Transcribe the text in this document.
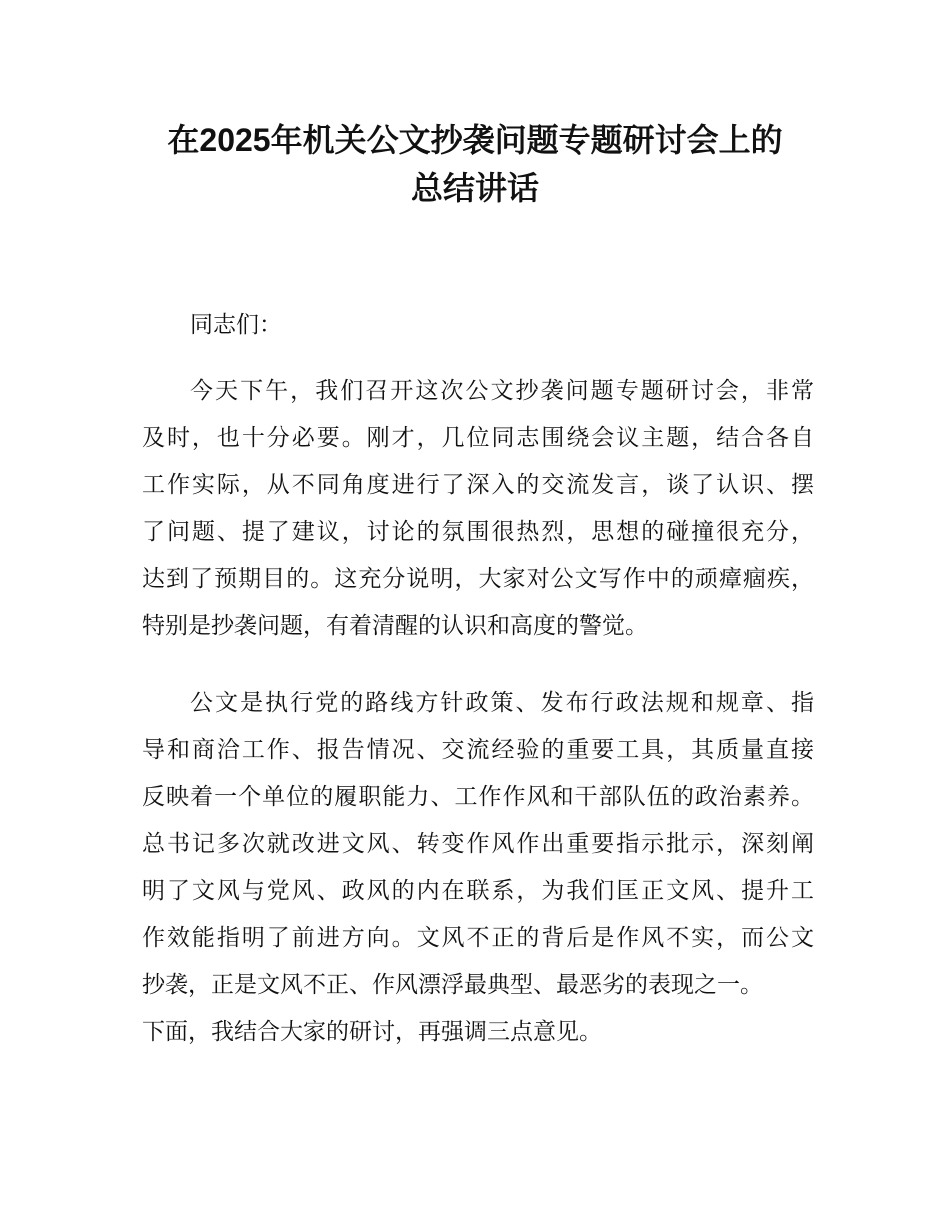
在2025年机关公文抄袭问题专题研讨会上的
总结讲话
同志们：
今天下午，我们召开这次公文抄袭问题专题研讨会，非常
及时，也十分必要。刚才，几位同志围绕会议主题，结合各自
工作实际，从不同角度进行了深入的交流发言，谈了认识、摆
了问题、提了建议，讨论的氛围很热烈，思想的碰撞很充分，
达到了预期目的。这充分说明，大家对公文写作中的顽瘴痼疾，
特别是抄袭问题，有着清醒的认识和高度的警觉。
公文是执行党的路线方针政策、发布行政法规和规章、指
导和商洽工作、报告情况、交流经验的重要工具，其质量直接
反映着一个单位的履职能力、工作作风和干部队伍的政治素养。
总书记多次就改进文风、转变作风作出重要指示批示，深刻阐
明了文风与党风、政风的内在联系，为我们匡正文风、提升工
作效能指明了前进方向。文风不正的背后是作风不实，而公文
抄袭，正是文风不正、作风漂浮最典型、最恶劣的表现之一。
下面，我结合大家的研讨，再强调三点意见。
